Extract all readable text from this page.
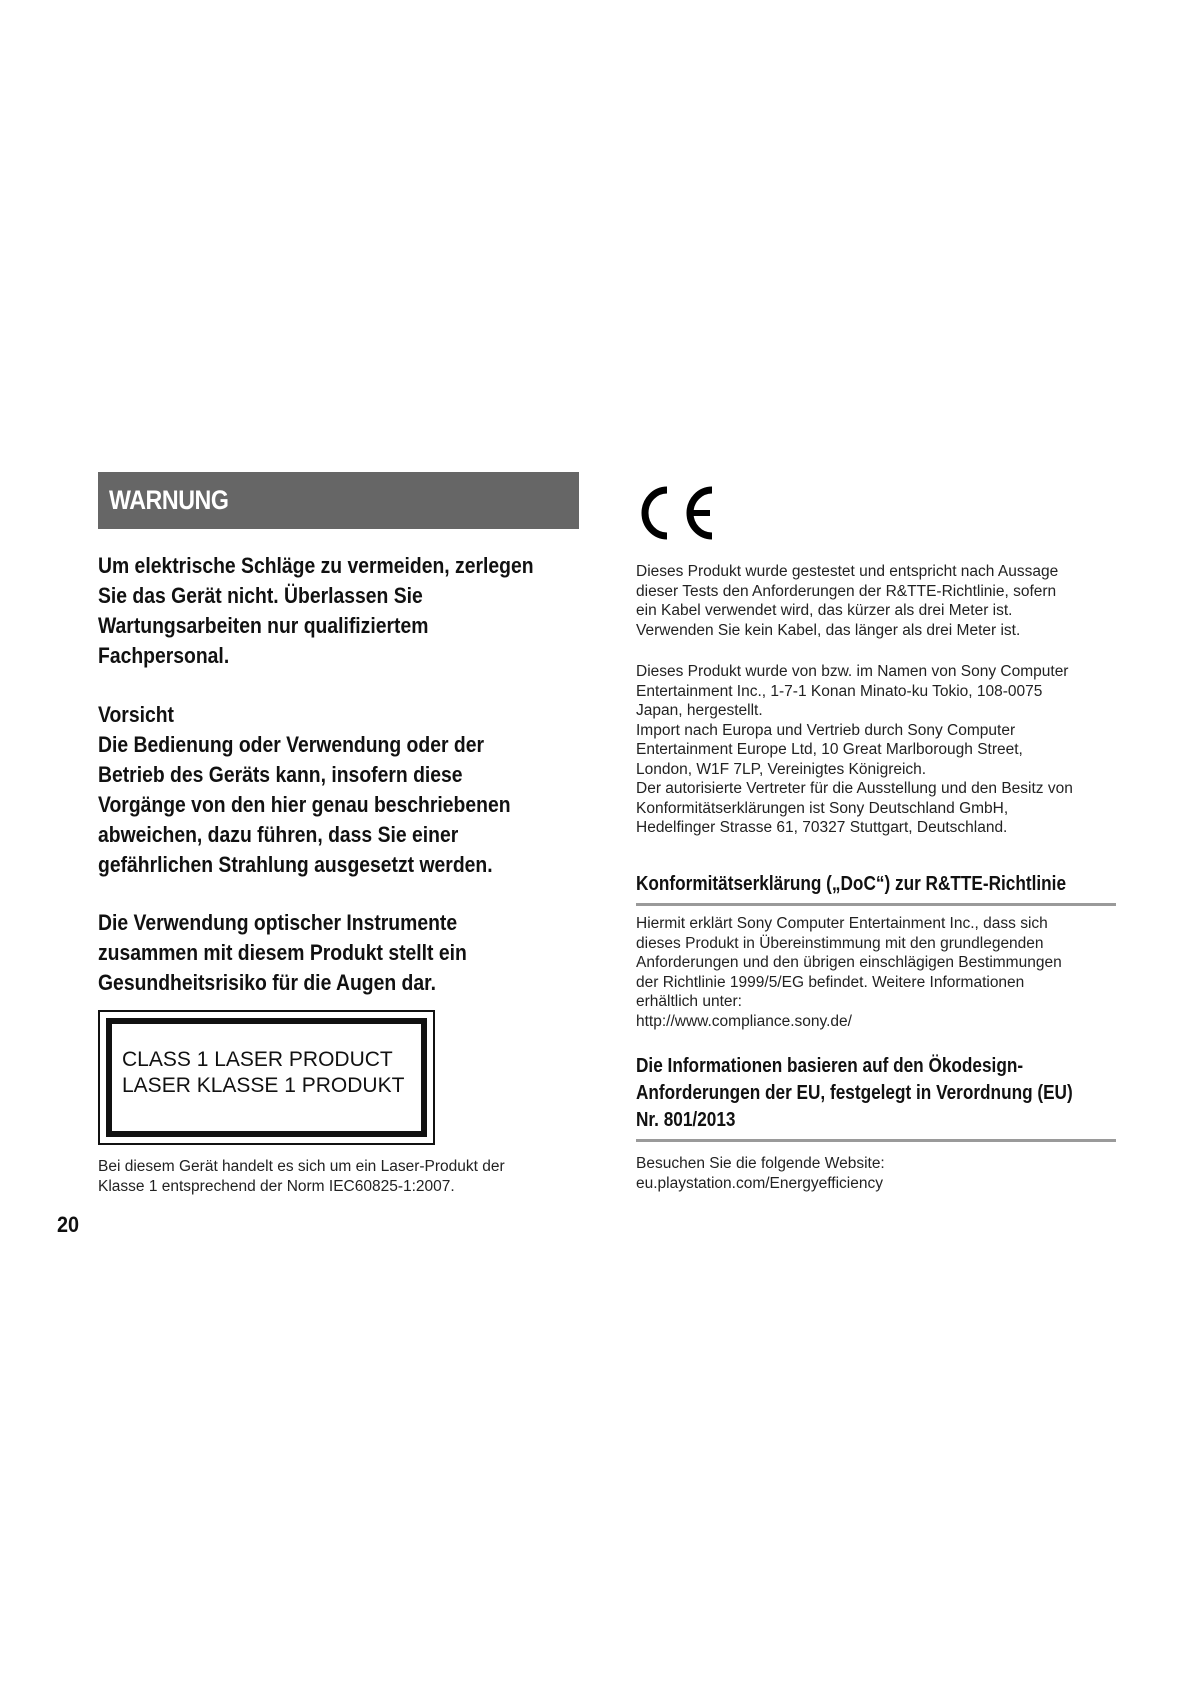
WARNUNG

Um elektrische Schläge zu vermeiden, zerlegen

Sie das Gerät nicht. Überlassen Sie

Wartungsarbeiten nur qualifiziertem

Fachpersonal.

Vorsicht

Die Bedienung oder Verwendung oder der

Betrieb des Geräts kann, insofern diese

Vorgänge von den hier genau beschriebenen

abweichen, dazu führen, dass Sie einer

gefährlichen Strahlung ausgesetzt werden.

Die Verwendung optischer Instrumente

zusammen mit diesem Produkt stellt ein

Gesundheitsrisiko für die Augen dar.

CLASS 1 LASER PRODUCT
LASER KLASSE 1 PRODUKT

Bei diesem Gerät handelt es sich um ein Laser-Produkt der

Klasse 1 entsprechend der Norm IEC60825-1:2007.

20

Dieses Produkt wurde gestestet und entspricht nach Aussage

dieser Tests den Anforderungen der R&TTE-Richtlinie, sofern

ein Kabel verwendet wird, das kürzer als drei Meter ist.

Verwenden Sie kein Kabel, das länger als drei Meter ist.

Dieses Produkt wurde von bzw. im Namen von Sony Computer

Entertainment Inc., 1-7-1 Konan Minato-ku Tokio, 108-0075

Japan, hergestellt.

Import nach Europa und Vertrieb durch Sony Computer

Entertainment Europe Ltd, 10 Great Marlborough Street,

London, W1F 7LP, Vereinigtes Königreich.

Der autorisierte Vertreter für die Ausstellung und den Besitz von

Konformitätserklärungen ist Sony Deutschland GmbH,

Hedelfinger Strasse 61, 70327 Stuttgart, Deutschland.

Konformitätserklärung („DoC“) zur R&TTE-Richtlinie

Hiermit erklärt Sony Computer Entertainment Inc., dass sich

dieses Produkt in Übereinstimmung mit den grundlegenden

Anforderungen und den übrigen einschlägigen Bestimmungen

der Richtlinie 1999/5/EG befindet. Weitere Informationen

erhältlich unter:

http://www.compliance.sony.de/

Die Informationen basieren auf den Ökodesign-
Anforderungen der EU, festgelegt in Verordnung (EU)
Nr. 801/2013

Besuchen Sie die folgende Website:

eu.playstation.com/Energyefficiency
